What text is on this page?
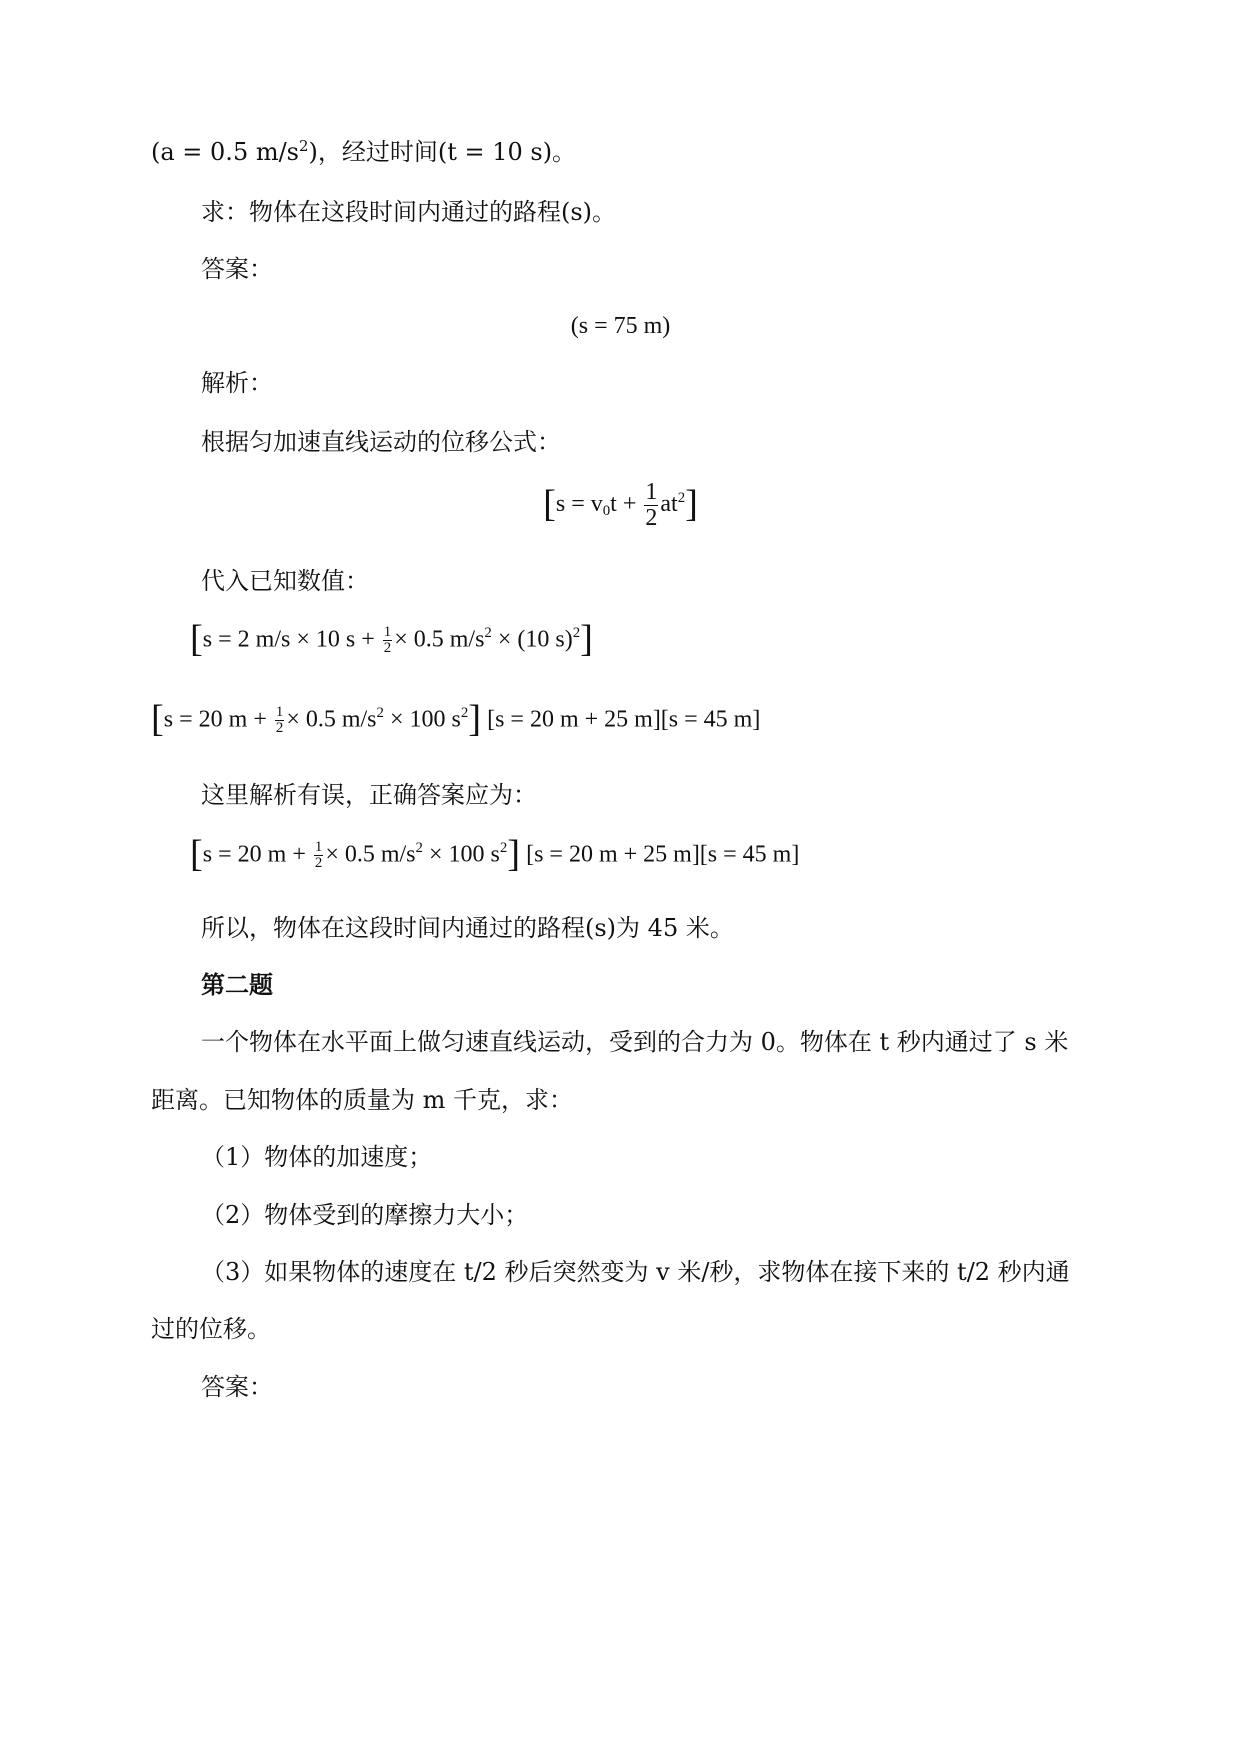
(a = 0.5 $m/s^2$)，经过时间(t = 10 s)。
求：物体在这段时间内通过的路程(s)。
答案：
(s = 75 m)
解析：
根据匀加速直线运动的位移公式：
$[s = v_0t + \frac{1}{2} at^2]$
代入已知数值：
[s = 2 m/s × 10 $s + \frac{1}{2} \times 0.5$ $m/s^2 \times (10$ s)$^2$]
[s = 20 $m + \frac{1}{2} \times 0.5$ $m/s^2 \times 100$ $s^2$] [s = 20 m + 25 m][s = 45 m]
这里解析有误，正确答案应为：
[s = 20 $m + \frac{1}{2} \times 0.5$ $m/s^2 \times 100$ $s^2$] [s = 20 m + 25 m][s = 45 m]
所以，物体在这段时间内通过的路程(s)为 45 米。
第二题
一个物体在水平面上做匀速直线运动，受到的合力为 0。物体在 t 秒内通过了 s 米
距离。已知物体的质量为 m 千克，求：
（1）物体的加速度；
（2）物体受到的摩擦力大小；
（3）如果物体的速度在 t/2 秒后突然变为 v 米/秒，求物体在接下来的 t/2 秒内通
过的位移。
答案：
